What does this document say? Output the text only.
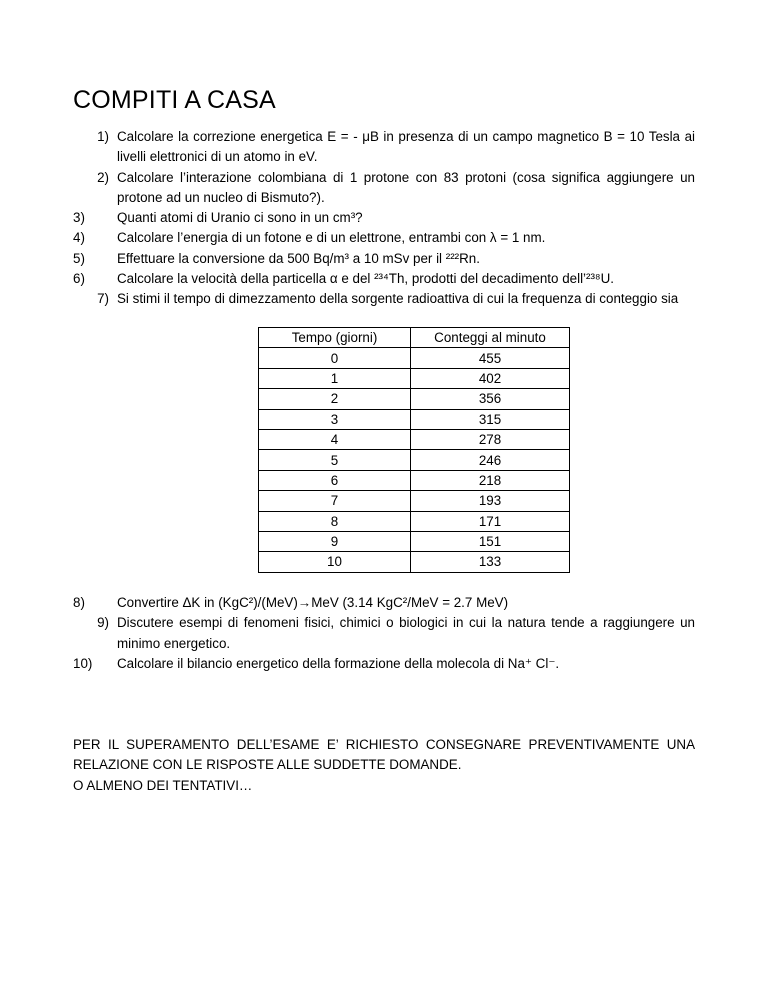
COMPITI A CASA
1) Calcolare la correzione energetica E = - μB in presenza di un campo magnetico B = 10 Tesla ai livelli elettronici di un atomo in eV.
2) Calcolare l’interazione colombiana di 1 protone con 83 protoni (cosa significa aggiungere un protone ad un nucleo di Bismuto?).
3)	Quanti atomi di Uranio ci sono in un cm³?
4)	Calcolare l’energia di un fotone e di un elettrone, entrambi con λ = 1 nm.
5)	Effettuare la conversione da 500 Bq/m³ a 10 mSv per il ²²²Rn.
6)	Calcolare la velocità della particella α e del ²³⁴Th, prodotti del decadimento dell’²³⁸U.
7) Si stimi il tempo di dimezzamento della sorgente radioattiva di cui la frequenza di conteggio sia
Tempo (giorni)	Conteggi al minuto
0	455
1	402
2	356
3	315
4	278
5	246
6	218
7	193
8	171
9	151
10	133
8)	Convertire ΔK in (KgC²)/(MeV)→MeV (3.14 KgC²/MeV = 2.7 MeV)
9) Discutere esempi di fenomeni fisici, chimici o biologici in cui la natura tende a raggiungere un minimo energetico.
10)	Calcolare il bilancio energetico della formazione della molecola di Na⁺ Cl⁻.
PER IL SUPERAMENTO DELL’ESAME E’ RICHIESTO CONSEGNARE PREVENTIVAMENTE UNA
RELAZIONE CON LE RISPOSTE ALLE SUDDETTE DOMANDE.
O ALMENO DEI TENTATIVI…
